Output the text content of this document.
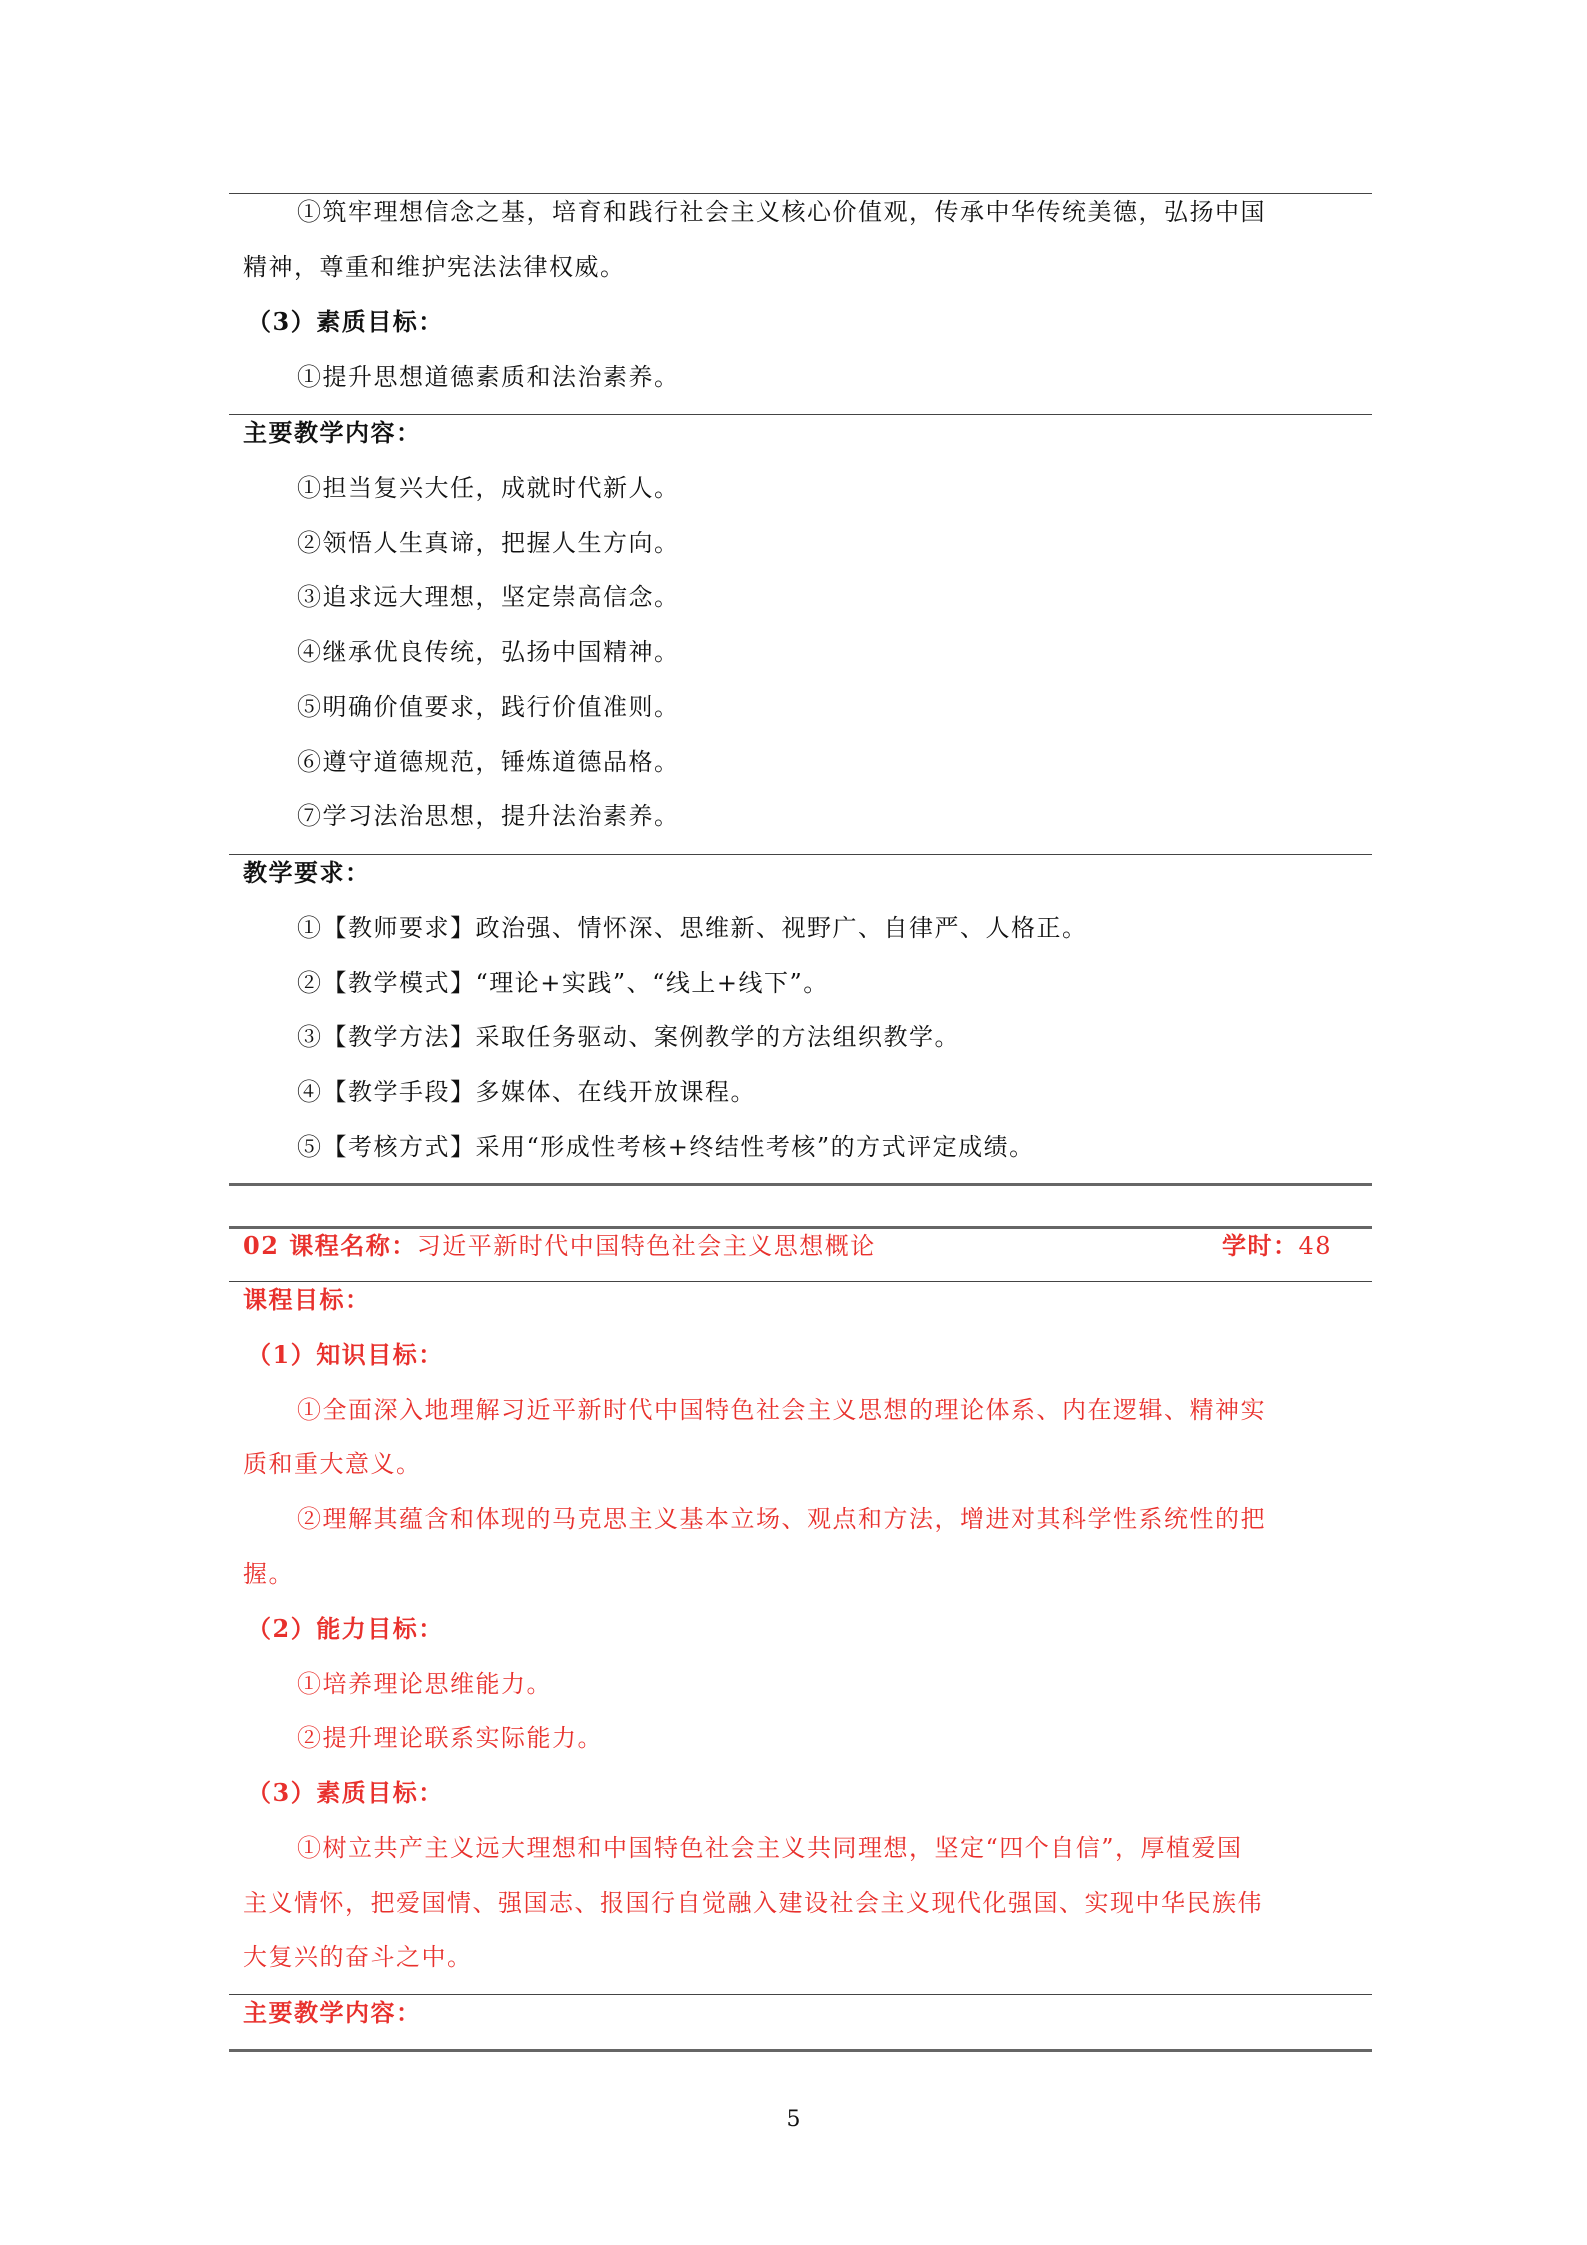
①筑牢理想信念之基，培育和践行社会主义核心价值观，传承中华传统美德，弘扬中国
精神，尊重和维护宪法法律权威。
（3）素质目标：
①提升思想道德素质和法治素养。
主要教学内容：
①担当复兴大任，成就时代新人。
②领悟人生真谛，把握人生方向。
③追求远大理想，坚定崇高信念。
④继承优良传统，弘扬中国精神。
⑤明确价值要求，践行价值准则。
⑥遵守道德规范，锤炼道德品格。
⑦学习法治思想，提升法治素养。
教学要求：
①【教师要求】政治强、情怀深、思维新、视野广、自律严、人格正。
②【教学模式】“理论+实践”、“线上+线下”。
③【教学方法】采取任务驱动、案例教学的方法组织教学。
④【教学手段】多媒体、在线开放课程。
⑤【考核方式】采用“形成性考核+终结性考核”的方式评定成绩。
02 课程名称：习近平新时代中国特色社会主义思想概论	学时：48
课程目标：
（1）知识目标：
①全面深入地理解习近平新时代中国特色社会主义思想的理论体系、内在逻辑、精神实
质和重大意义。
②理解其蕴含和体现的马克思主义基本立场、观点和方法，增进对其科学性系统性的把
握。
（2）能力目标：
①培养理论思维能力。
②提升理论联系实际能力。
（3）素质目标：
①树立共产主义远大理想和中国特色社会主义共同理想，坚定“四个自信”，厚植爱国
主义情怀，把爱国情、强国志、报国行自觉融入建设社会主义现代化强国、实现中华民族伟
大复兴的奋斗之中。
主要教学内容：
5
